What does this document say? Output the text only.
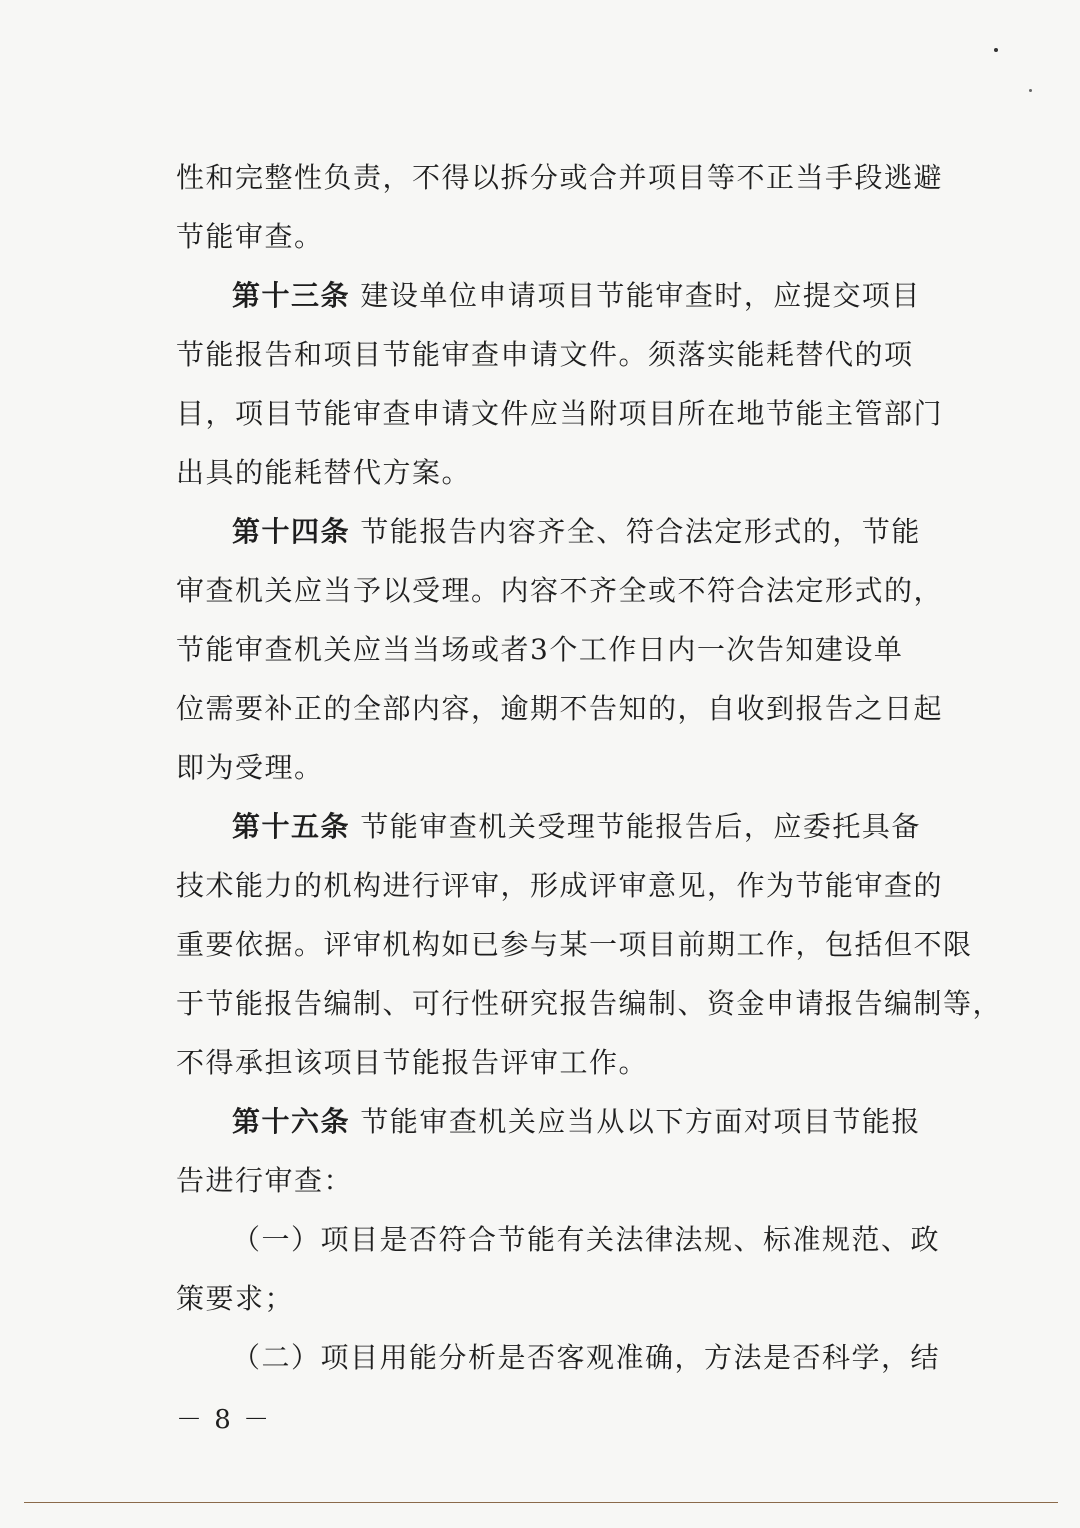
性和完整性负责，不得以拆分或合并项目等不正当手段逃避
节能审查。
第十三条 建设单位申请项目节能审查时，应提交项目
节能报告和项目节能审查申请文件。须落实能耗替代的项
目，项目节能审查申请文件应当附项目所在地节能主管部门
出具的能耗替代方案。
第十四条 节能报告内容齐全、符合法定形式的，节能
审查机关应当予以受理。内容不齐全或不符合法定形式的，
节能审查机关应当当场或者3个工作日内一次告知建设单
位需要补正的全部内容，逾期不告知的，自收到报告之日起
即为受理。
第十五条 节能审查机关受理节能报告后，应委托具备
技术能力的机构进行评审，形成评审意见，作为节能审查的
重要依据。评审机构如已参与某一项目前期工作，包括但不限
于节能报告编制、可行性研究报告编制、资金申请报告编制等，
不得承担该项目节能报告评审工作。
第十六条 节能审查机关应当从以下方面对项目节能报
告进行审查：
（一）项目是否符合节能有关法律法规、标准规范、政
策要求；
（二）项目用能分析是否客观准确，方法是否科学，结
－ 8 －
